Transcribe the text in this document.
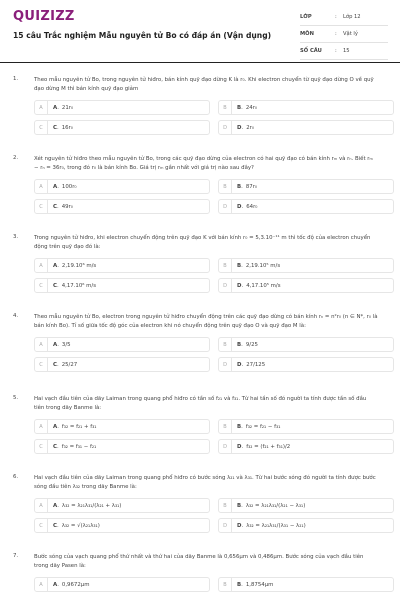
QUIZIZZ
15 câu Trắc nghiệm Mẫu nguyên tử Bo có đáp án (Vận dụng)
LỚP	:	Lớp 12
MÔN	:	Vật lý
SỐ CÂU	:	15
1.	Theo mẫu nguyên tử Bo, trong nguyên tử hiđro, bán kính quỹ đạo dừng K là r₀. Khi electron chuyển từ quỹ đạo dừng O về quỹ đạo dừng M thì bán kính quỹ đạo giảm
A	A . 21r₀	B	B . 24r₀
C	C . 16r₀	D	D . 2r₀
2.	Xét nguyên tử hiđro theo mẫu nguyên tử Bo, trong các quỹ đạo dừng của electron có hai quỹ đạo có bán kính rₘ và rₙ. Biết rₘ − rₙ = 36r₀, trong đó r₀ là bán kính Bo. Giá trị rₘ gần nhất với giá trị nào sau đây?
A	A . 100r₀	B	B . 87r₀
C	C . 49r₀	D	D . 64r₀
3.	Trong nguyên tử hiđro, khi electron chuyển động trên quỹ đạo K với bán kính r₀ = 5,3.10⁻¹¹ m thì tốc độ của electron chuyển động trên quỹ đạo đó là:
A	A . 2,19.10⁶ m/s	B	B . 2,19.10⁵ m/s
C	C . 4,17.10⁶ m/s	D	D . 4,17.10⁵ m/s
4.	Theo mẫu nguyên tử Bo, electron trong nguyên tử hiđro chuyển động trên các quỹ đạo dừng có bán kính rₙ = n²r₀ (n ∈ N*, r₀ là bán kính Bo). Tỉ số giữa tốc độ góc của electron khi nó chuyển động trên quỹ đạo O và quỹ đạo M là:
A	A . 3/5	B	B . 9/25
C	C . 25/27	D	D . 27/125
5.	Hai vạch đầu tiên của dãy Laiman trong quang phổ hiđro có tần số f₂₁ và f₃₁. Từ hai tần số đó người ta tính được tần số đầu tiên trong dãy Banme là:
A	A . f₃₂ = f₂₁ + f₃₁	B	B . f₃₂ = f₂₁ − f₃₁
C	C . f₃₂ = f₃₁ − f₂₁	D	D . f₃₂ = (f₂₁ + f₃₁)/2
6.	Hai vạch đầu tiên của dãy Laiman trong quang phổ hiđro có bước sóng λ₂₁ và λ₃₁. Từ hai bước sóng đó người ta tính được bước sóng đầu tiên λ₃₂ trong dãy Banme là:
A	A . λ₃₂ = λ₂₁λ₃₁/(λ₂₁ + λ₃₁)	B	B . λ₃₂ = λ₂₁λ₃₁/(λ₂₁ − λ₃₁)
C	C . λ₃₂ = √(λ₂₁λ₃₁)	D	D . λ₃₂ = λ₂₁λ₃₁/(λ₃₁ − λ₂₁)
7.	Bước sóng của vạch quang phổ thứ nhất và thứ hai của dãy Banme là 0,656μm và 0,486μm. Bước sóng của vạch đầu tiên trong dãy Pasen là:
A	A . 0,9672μm	B	B . 1,8754μm
